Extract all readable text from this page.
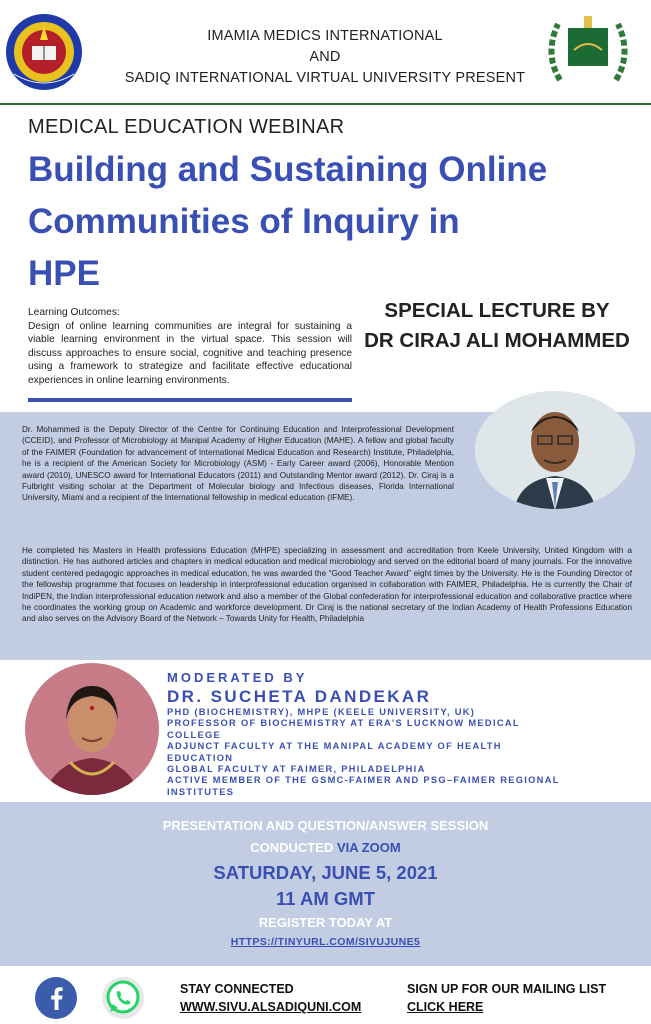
IMAMIA MEDICS INTERNATIONAL
AND
SADIQ INTERNATIONAL VIRTUAL UNIVERSITY PRESENT
MEDICAL EDUCATION WEBINAR
Building and Sustaining Online
Communities of Inquiry in
HPE
Learning Outcomes:
Design of online learning communities are integral for sustaining a viable learning environment in the virtual space. This session will discuss approaches to ensure social, cognitive and teaching presence using a framework to strategize and facilitate effective educational experiences in online learning environments.
SPECIAL LECTURE BY
DR CIRAJ ALI MOHAMMED
Dr. Mohammed is the Deputy Director of the Centre for Continuing Education and Interprofessional Development (CCEID), and Professor of Microbiology at Manipal Academy of Higher Education (MAHE). A fellow and global faculty of the FAIMER (Foundation for advancement of International Medical Education and Research) Institute, Philadelphia, he is a recipient of the American Society for Microbiology (ASM) - Early Career award (2006), Honorable Mention award (2010), UNESCO award for International Educators (2011) and Outstanding Mentor award (2012). Dr. Ciraj is a Fulbright visiting scholar at the Department of Molecular biology and Infectious diseases, Florida International University, Miami and a recipient of the International fellowship in medical education (IFME).
He completed his Masters in Health professions Education (MHPE) specializing in assessment and accreditation from Keele University, United Kingdom with a distinction. He has authored articles and chapters in medical education and medical microbiology and served on the editorial board of many journals. For the innovative student centered pedagogic approaches in medical education, he was awarded the “Good Teacher Award” eight times by the University. He is the Founding Director of the fellowship programme that focuses on leadership in interprofessional education organised in collaboration with FAIMER, Philadelphia. He is currently the Chair of IndiPEN, the Indian interprofessional education network and also a member of the Global confederation for interprofessional education and collaborative practice where he coordinates the working group on Academic and workforce development. Dr Ciraj is the national secretary of the Indian Academy of Health Professions Education and also serves on the Advisory Board of the Network – Towards Unity for Health, Philadelphia
MODERATED BY
DR. SUCHETA DANDEKAR
PHD (BIOCHEMISTRY), MHPE (KEELE UNIVERSITY, UK)
PROFESSOR OF BIOCHEMISTRY AT ERA'S LUCKNOW MEDICAL
COLLEGE
ADJUNCT FACULTY AT THE MANIPAL ACADEMY OF HEALTH
EDUCATION
GLOBAL FACULTY AT FAIMER, PHILADELPHIA
ACTIVE MEMBER OF THE GSMC-FAIMER AND PSG–FAIMER REGIONAL
INSTITUTES
PRESENTATION AND QUESTION/ANSWER SESSION
CONDUCTED VIA ZOOM
SATURDAY, JUNE 5, 2021
11 AM GMT
REGISTER TODAY AT
HTTPS://TINYURL.COM/SIVUJUNE5
STAY CONNECTED
WWW.SIVU.ALSADIQUNI.COM
SIGN UP FOR OUR MAILING LIST
CLICK HERE
